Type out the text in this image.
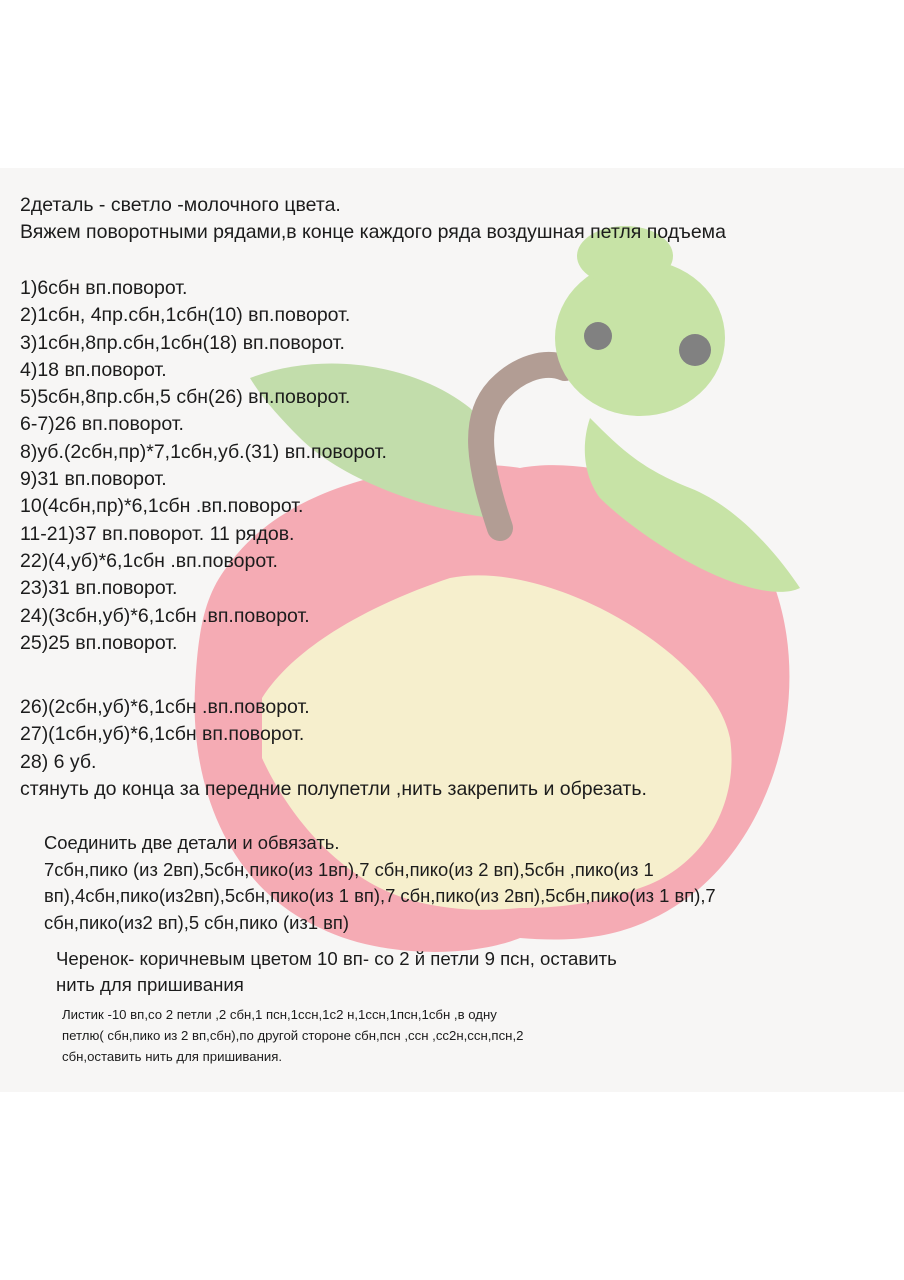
2деталь - светло -молочного цвета.
Вяжем поворотными рядами,в конце каждого ряда воздушная петля подъема
1)6сбн вп.поворот.
2)1сбн, 4пр.сбн,1сбн(10) вп.поворот.
3)1сбн,8пр.сбн,1сбн(18) вп.поворот.
4)18 вп.поворот.
5)5сбн,8пр.сбн,5 сбн(26) вп.поворот.
6-7)26 вп.поворот.
8)уб.(2сбн,пр)*7,1сбн,уб.(31) вп.поворот.
9)31 вп.поворот.
10(4сбн,пр)*6,1сбн .вп.поворот.
11-21)37 вп.поворот. 11 рядов.
22)(4,уб)*6,1сбн .вп.поворот.
23)31 вп.поворот.
24)(3сбн,уб)*6,1сбн .вп.поворот.
25)25 вп.поворот.
26)(2сбн,уб)*6,1сбн .вп.поворот.
27)(1сбн,уб)*6,1сбн вп.поворот.
28) 6 уб.
стянуть до конца за передние полупетли ,нить закрепить и обрезать.
Соединить две детали и обвязать.
7сбн,пико (из 2вп),5сбн,пико(из 1вп),7 сбн,пико(из 2 вп),5сбн ,пико(из 1
вп),4сбн,пико(из2вп),5сбн,пико(из 1 вп),7 сбн,пико(из 2вп),5сбн,пико(из 1 вп),7
сбн,пико(из2 вп),5 сбн,пико (из1 вп)
Черенок- коричневым цветом 10 вп- со 2 й петли 9 псн, оставить
нить для пришивания
Листик -10 вп,со 2 петли ,2 сбн,1 псн,1ссн,1с2 н,1ссн,1псн,1сбн ,в одну
петлю( сбн,пико из 2 вп,сбн),по другой стороне сбн,псн ,ссн ,сс2н,ссн,псн,2
сбн,оставить нить для пришивания.
